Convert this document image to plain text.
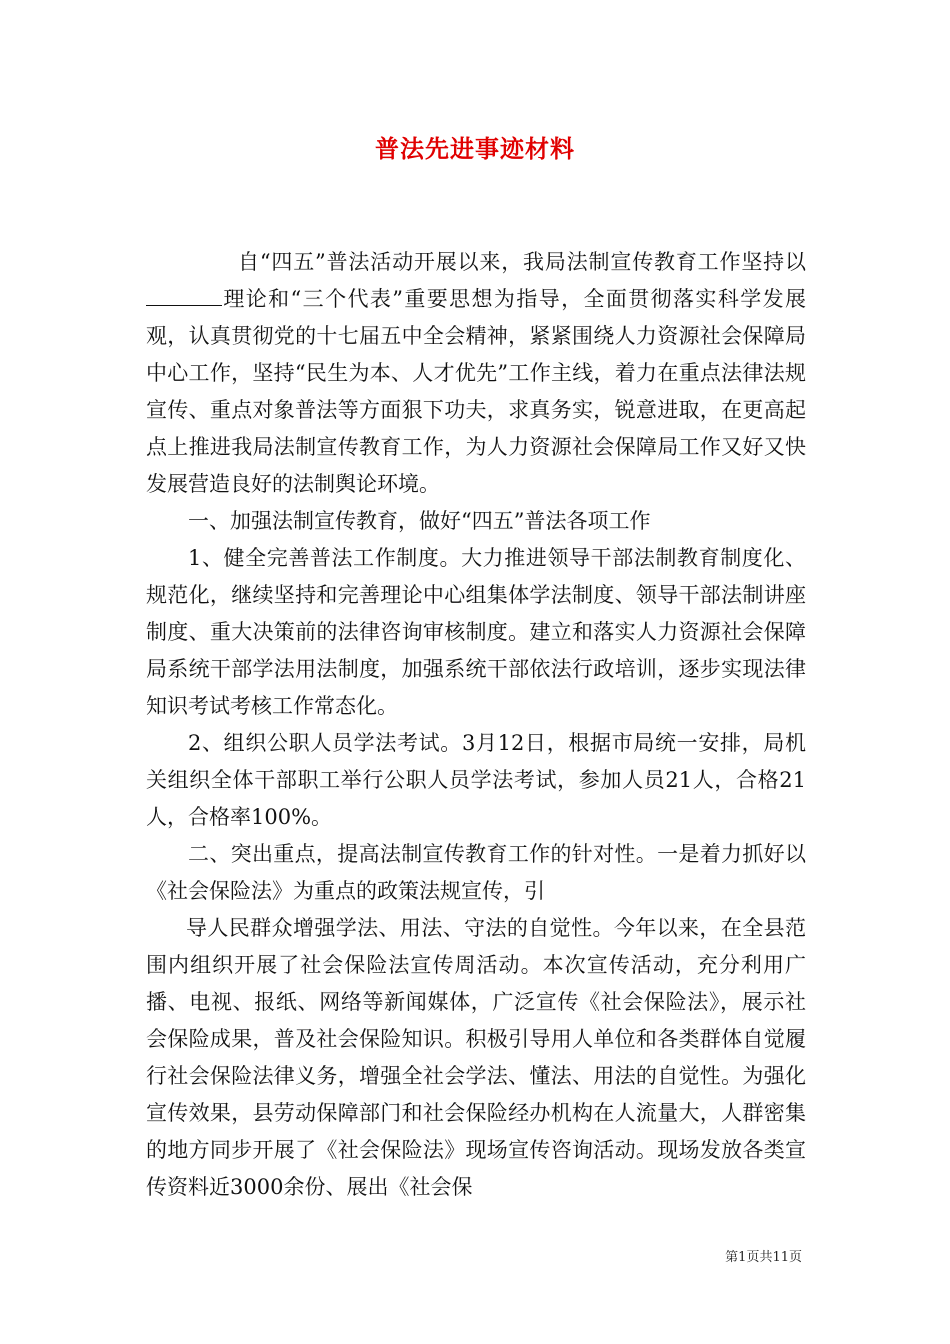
普法先进事迹材料

自“四五”普法活动开展以来，我局法制宣传教育工作坚持以理论和“三个代表”重要思想为指导，全面贯彻落实科学发展观，认真贯彻党的十七届五中全会精神，紧紧围绕人力资源社会保障局中心工作，坚持“民生为本、人才优先”工作主线，着力在重点法律法规宣传、重点对象普法等方面狠下功夫，求真务实，锐意进取，在更高起点上推进我局法制宣传教育工作，为人力资源社会保障局工作又好又快发展营造良好的法制舆论环境。

一、加强法制宣传教育，做好“四五”普法各项工作

1、健全完善普法工作制度。大力推进领导干部法制教育制度化、规范化，继续坚持和完善理论中心组集体学法制度、领导干部法制讲座制度、重大决策前的法律咨询审核制度。建立和落实人力资源社会保障局系统干部学法用法制度，加强系统干部依法行政培训，逐步实现法律知识考试考核工作常态化。

2、组织公职人员学法考试。3月12日，根据市局统一安排，局机关组织全体干部职工举行公职人员学法考试，参加人员21人，合格21人，合格率100%。

二、突出重点，提高法制宣传教育工作的针对性。一是着力抓好以《社会保险法》为重点的政策法规宣传，引

导人民群众增强学法、用法、守法的自觉性。今年以来，在全县范围内组织开展了社会保险法宣传周活动。本次宣传活动，充分利用广播、电视、报纸、网络等新闻媒体，广泛宣传《社会保险法》，展示社会保险成果，普及社会保险知识。积极引导用人单位和各类群体自觉履行社会保险法律义务，增强全社会学法、懂法、用法的自觉性。为强化宣传效果，县劳动保障部门和社会保险经办机构在人流量大，人群密集的地方同步开展了《社会保险法》现场宣传咨询活动。现场发放各类宣传资料近3000余份、展出《社会保

第1页共11页
